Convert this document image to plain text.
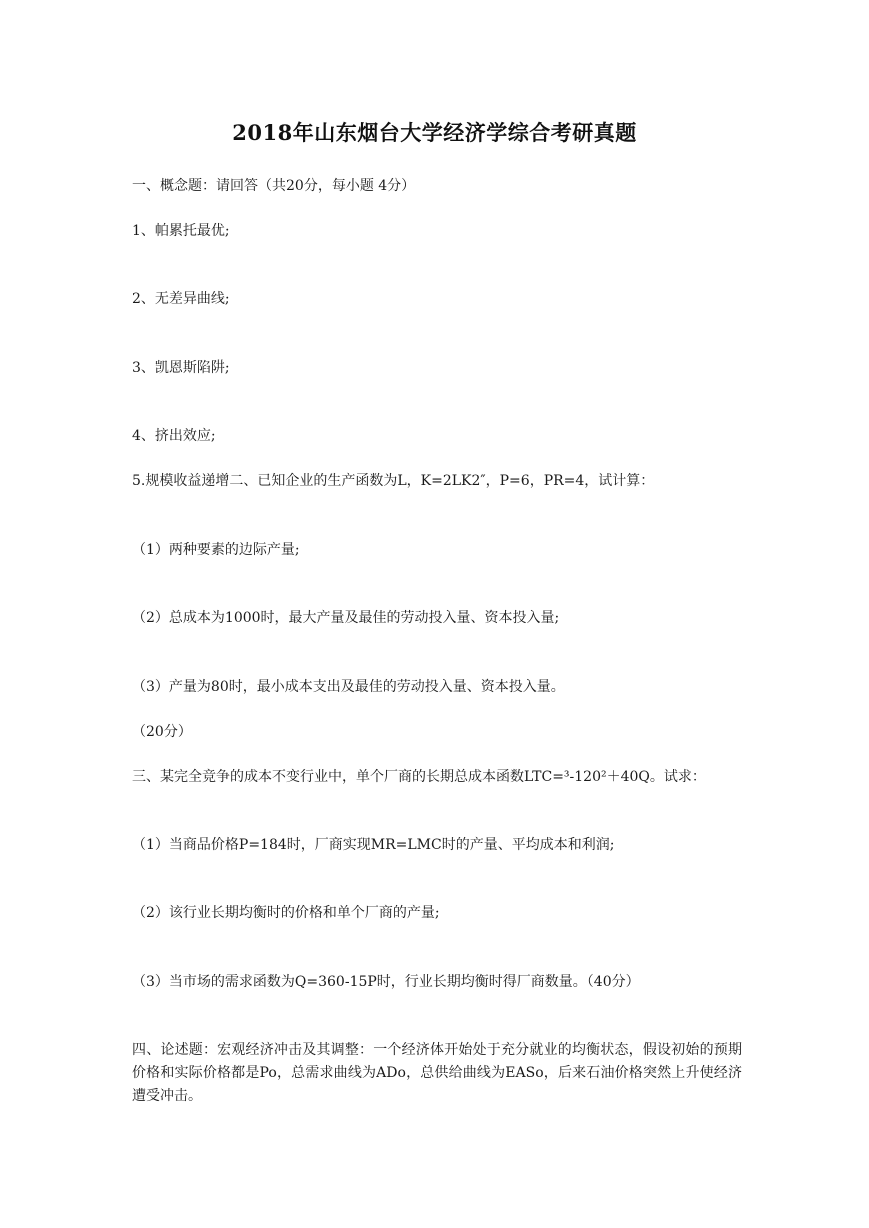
2018年山东烟台大学经济学综合考研真题
一、概念题：请回答（共20分，每小题 4分）
1、帕累托最优;
2、无差异曲线;
3、凯恩斯陷阱;
4、挤出效应;
5.规模收益递增二、已知企业的生产函数为L，K=2LK2″，P=6，PR=4，试计算：
（1）两种要素的边际产量;
（2）总成本为1000时，最大产量及最佳的劳动投入量、资本投入量;
（3）产量为80时，最小成本支出及最佳的劳动投入量、资本投入量。
（20分）
三、某完全竞争的成本不变行业中，单个厂商的长期总成本函数LTC=³-120²＋40Q。试求：
（1）当商品价格P=184时，厂商实现MR=LMC时的产量、平均成本和利润;
（2）该行业长期均衡时的价格和单个厂商的产量;
（3）当市场的需求函数为Q=360-15P时，行业长期均衡时得厂商数量。（40分）
四、论述题：宏观经济冲击及其调整：一个经济体开始处于充分就业的均衡状态，假设初始的预期价格和实际价格都是Po，总需求曲线为ADo，总供给曲线为EASo，后来石油价格突然上升使经济遭受冲击。
